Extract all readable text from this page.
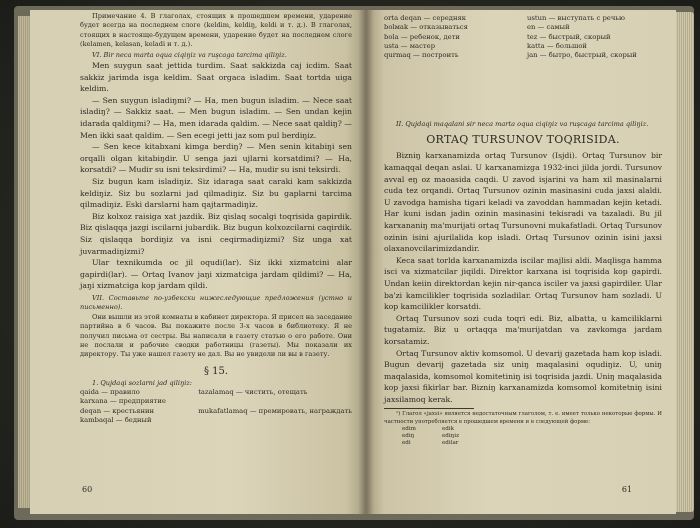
Примечание 4. В глаголах, стоящих в прошедшем времени, ударение будет всегда на последнем слоге (keldim, keldiŋ, keldi и т. д.). В глаголах, стоящих в настояще-будущем времени, ударение будет на последнем слоге (kelamen, kelasan, keladi и т. д.).

VI. Bir neca marta oqua ciqiŋiz va rus̨caga tarcima qiliŋiz.

Men suygun saat jettida turdim. Saat sakkizda caj icdim. Saat sakkiz jarimda isga keldim. Saat orgaca isladim. Saat tortda uiga keldim.

— Sen suygun isladiŋmi? — Ha, men bugun isladim. — Nece saat isladiŋ? — Sakkiz saat. — Men bugun isladim. — Sen undan kejin idarada qaldiŋmi? — Ha, men idarada qaldim. — Nece saat qaldiŋ? — Men ikki saat qaldim. — Sen ecegi jetti jaz som pul berdiŋiz.

— Sen kece kitabxani kimga berdiŋ? — Men senin kitabiŋi sen orqalli olgan kitabiŋdir. U senga jazi ujlarni korsatdimi? — Ha, korsatdi? — Mudir su isni teksirdimi? — Ha, mudir su isni teksirdi.

Siz bugun kam isladiŋiz. Siz idaraga saat caraki kam sakkizda keldiŋiz. Siz bu sozlarni jad qilmadiŋiz. Siz bu gaplarni tarcima qilmadiŋiz. Eski darslarni ham qajtarmadiŋiz.

Biz kolxoz raisiga xat jazdik. Biz qislaq socalgi toqrisida gapirdik. Biz qislaqqa jazgi iscilarni jubardik. Biz bugun kolxozcilarni caqirdik. Siz qislaqqa bordiŋiz va isni ceqirmadiŋizmi? Siz unga xat juvarmadiŋizmi?

Ular texnikumda oc jil oqudi(lar). Siz ikki xizmatcini alar gapirdi(lar). — Ortaq Ivanov jaŋi xizmatciga jardam qildimi? — Ha, jaŋi xizmatciga kop jardam qildi.

VII. Составьте по-узбекски нижеследующие предложения (устно и письменно).

Они вышли из этой комнаты в кабинет директора. Я присел на заседание партийна в 6 часов. Вы покажите после 3-х часов в библиотеку. Я не получил письма от сестры. Вы написали в газету статью о его работе. Они не послали и рабочие сводки работницы (газеты). Мы показали их директору. Ты уже нашел газету не дал. Вы не увидели ли вы в газету.

§ 15.

1. Qujdaqi sozlarni jad qiliŋiz:

qaida — правило	tazalamaq — чистить, отещать
karxana — предприятие
deqan — крестьянин	mukafatlamaq — премировать, награждать
kambaqal — бедный
60
orta deqan — середняк	ustun — выступать с речью
bolмak — отказываться	en — самый
bola — ребенок, дети	tez — быстрый, скорый
usta — мастер	katta — большой
qurmaq — построить	jan — бытро, быстрый, скорый

II. Qujdaqi maqalani sir neca marta oqua ciqiŋiz va rus̨caga tarcima qiliŋiz.

ORTAQ TURSUNOV TOQRISIDA.

Bizniŋ karxanamizda ortaq Tursunov (Isjdi). Ortaq Tursunov bir kamaqqal deqan aslai. U karxanamizga 1932-inci jilda jordi. Tursunov avval eŋ oz maoasida caqdi. U zavod isjarini va ham xil masinalarni cuda tez orqandi. Ortaq Tursunov ozinin masinasini cuda jaxsi alaldi. U zavodga hamisha tigari keladi va zavoddan hammadan kejin ketadi. Har kuni isdan jadin ozinin masinasini tekisradi va tazaladi. Bu jil karxananiŋ ma'murijati ortaq Tursunovni mukafatladi. Ortaq Tursunov ozinin isini ajurilalida kop isladi. Ortaq Tursunov ozinin isini jaxsi olaxanovcilarimizdandir.

Keca saat torlda karxanamizda iscilar majlisi aldi. Maqlisga hamma isci va xizmatcilar jiqildi. Direktor karxana isi toqrisida kop gapirdi. Undan keiin direktordan kejin nir-qanca isciler va jaxsi gapirdiler. Ular ba'zi kamcilikler toqrisida sozladilar. Ortaq Tursunov ham sozladi. U kop kamcilikler korsatdi.

Ortaq Tursunov sozi cuda toqri edi. Biz, albatta, u kamciliklarni tugatamiz. Biz u ortaqqa ma'murijatdan va zavkomga jardam korsatamiz.

Ortaq Tursunov aktiv komsomol. U devarij gazetada ham kop isladi. Bugun devarij gazetada siz uniŋ maqalasini oqudiŋiz. U, uniŋ maqalasida, komsomol komitetiniŋ isi toqrisida jazdi. Uniŋ maqalasida kop jaxsi fikirlar bar. Bizniŋ karxanamizda komsomol komitetniŋ isini jaxsilamoq kerak.

¹) Глагол «jaxsi» является недостаточным глаголом, т. е. имеет только некоторые формы. И частности употребляется в прошедшем времени и в следующей форме:

edim	edik
ediŋ	ediŋiz
edi	edilar
61
